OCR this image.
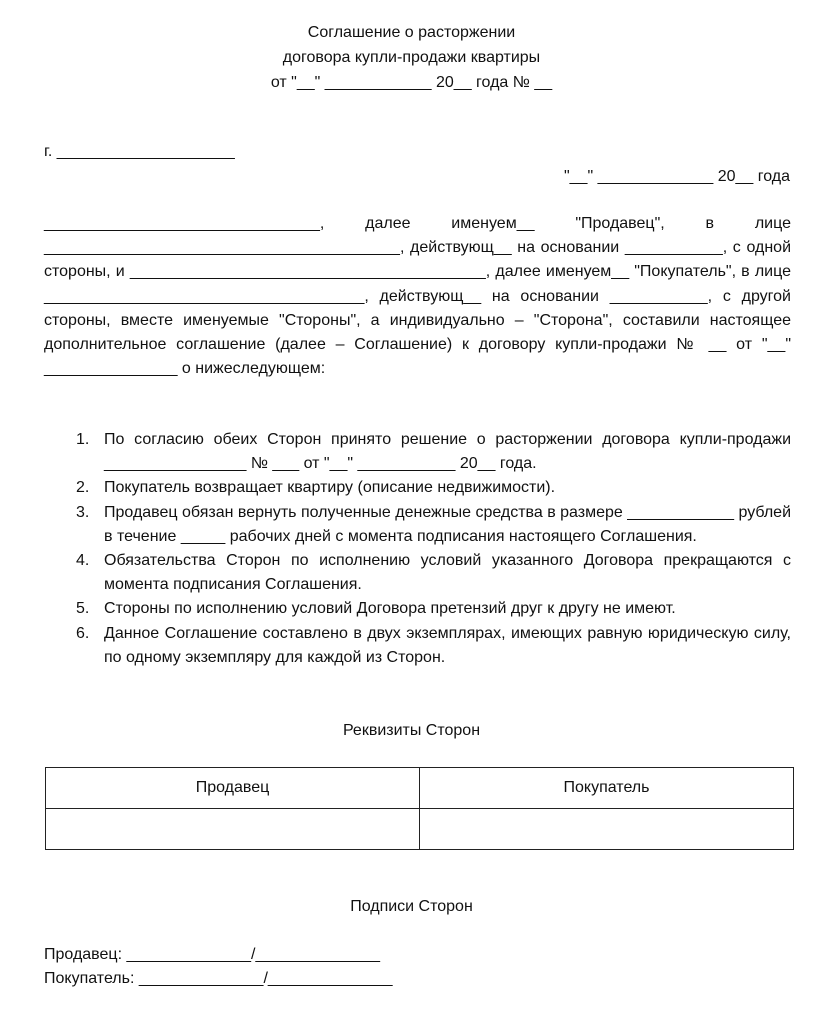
Соглашение о расторжении
договора купли-продажи квартиры
от "__" ____________ 20__ года № __
г. ____________________
"__" _____________ 20__ года
_______________________________, далее именуем__ "Продавец", в лице ________________________________________, действующ__ на основании ___________, с одной стороны, и ________________________________________, далее именуем__ "Покупатель", в лице ____________________________________, действующ__ на основании ___________, с другой стороны, вместе именуемые "Стороны", а индивидуально – "Сторона", составили настоящее дополнительное соглашение (далее – Соглашение) к договору купли-продажи № __ от "__" _______________ о нижеследующем:
1. По согласию обеих Сторон принято решение о расторжении договора купли-продажи ________________ № ___ от "__" ___________ 20__ года.
2. Покупатель возвращает квартиру (описание недвижимости).
3. Продавец обязан вернуть полученные денежные средства в размере ____________ рублей в течение _____ рабочих дней с момента подписания настоящего Соглашения.
4. Обязательства Сторон по исполнению условий указанного Договора прекращаются с момента подписания Соглашения.
5. Стороны по исполнению условий Договора претензий друг к другу не имеют.
6. Данное Соглашение составлено в двух экземплярах, имеющих равную юридическую силу, по одному экземпляру для каждой из Сторон.
Реквизиты Сторон
Продавец	Покупатель

Подписи Сторон
Продавец: ______________/______________
Покупатель: ______________/______________
